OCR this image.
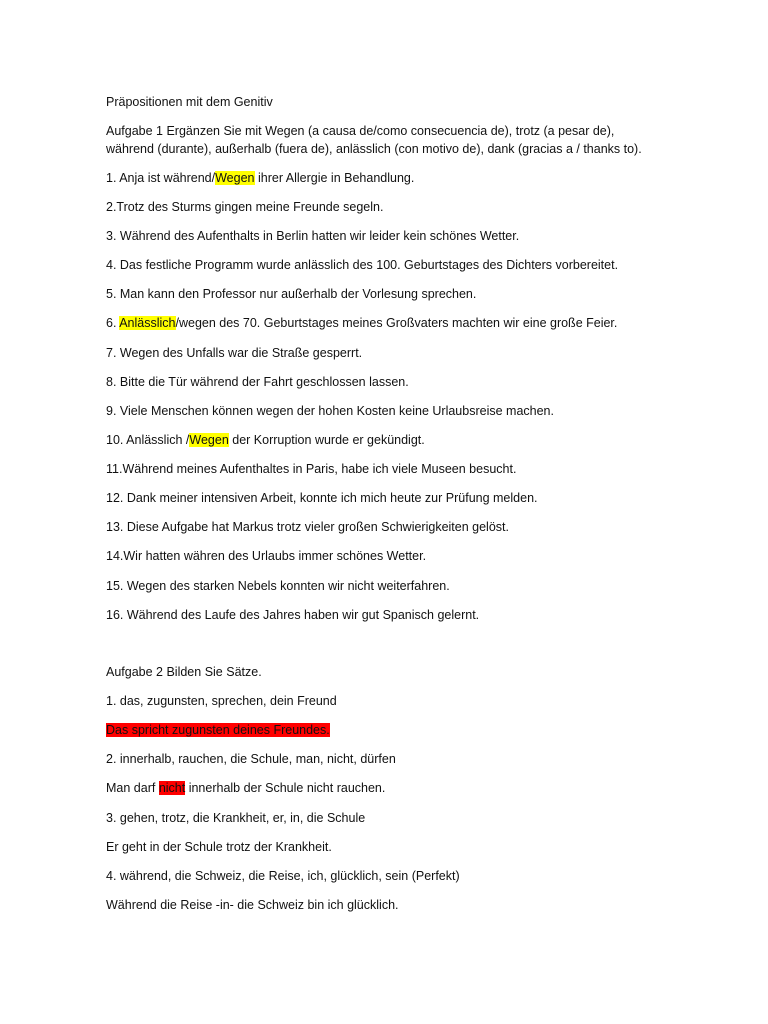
Präpositionen mit dem Genitiv
Aufgabe 1 Ergänzen Sie mit Wegen (a causa de/como consecuencia de), trotz (a pesar de),
während (durante), außerhalb (fuera de), anlässlich (con motivo de), dank (gracias a / thanks to).
1. Anja ist während/Wegen ihrer Allergie in Behandlung.
2.Trotz des Sturms gingen meine Freunde segeln.
3. Während des Aufenthalts in Berlin hatten wir leider kein schönes Wetter.
4. Das festliche Programm wurde anlässlich des 100. Geburtstages des Dichters vorbereitet.
5. Man kann den Professor nur außerhalb der Vorlesung sprechen.
6. Anlässlich/wegen des 70. Geburtstages meines Großvaters machten wir eine große Feier.
7. Wegen des Unfalls war die Straße gesperrt.
8. Bitte die Tür während der Fahrt geschlossen lassen.
9. Viele Menschen können wegen der hohen Kosten keine Urlaubsreise machen.
10. Anlässlich /Wegen der Korruption wurde er gekündigt.
11.Während meines Aufenthaltes in Paris, habe ich viele Museen besucht.
12. Dank meiner intensiven Arbeit, konnte ich mich heute zur Prüfung melden.
13. Diese Aufgabe hat Markus trotz vieler großen Schwierigkeiten gelöst.
14.Wir hatten währen des Urlaubs immer schönes Wetter.
15. Wegen des starken Nebels konnten wir nicht weiterfahren.
16. Während des Laufe des Jahres haben wir gut Spanisch gelernt.
Aufgabe 2 Bilden Sie Sätze.
1. das, zugunsten, sprechen, dein Freund
Das spricht zugunsten deines Freundes.
2. innerhalb, rauchen, die Schule, man, nicht, dürfen
Man darf nicht innerhalb der Schule nicht rauchen.
3. gehen, trotz, die Krankheit, er, in, die Schule
Er geht in der Schule trotz der Krankheit.
4. während, die Schweiz, die Reise, ich, glücklich, sein (Perfekt)
Während die Reise -in- die Schweiz bin ich glücklich.
